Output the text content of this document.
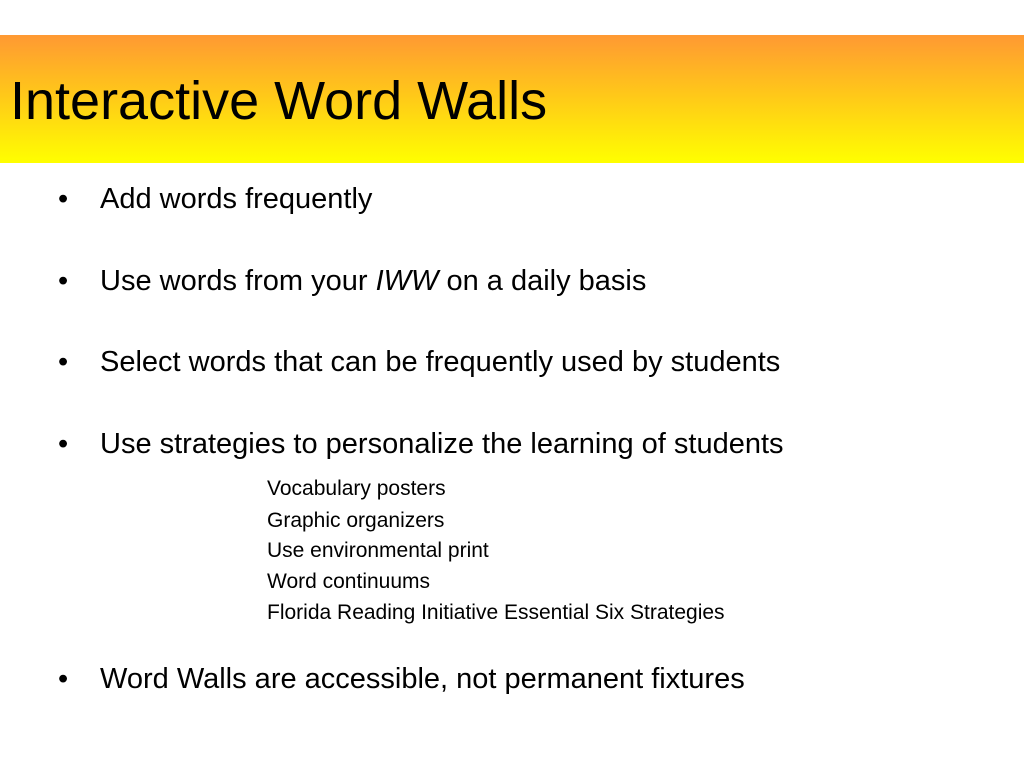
Interactive Word Walls
• Add words frequently
• Use words from your IWW on a daily basis
• Select words that can be frequently used by students
• Use strategies to personalize the learning of students
Vocabulary posters
Graphic organizers
Use environmental print
Word continuums
Florida Reading Initiative Essential Six Strategies
• Word Walls are accessible, not permanent fixtures
